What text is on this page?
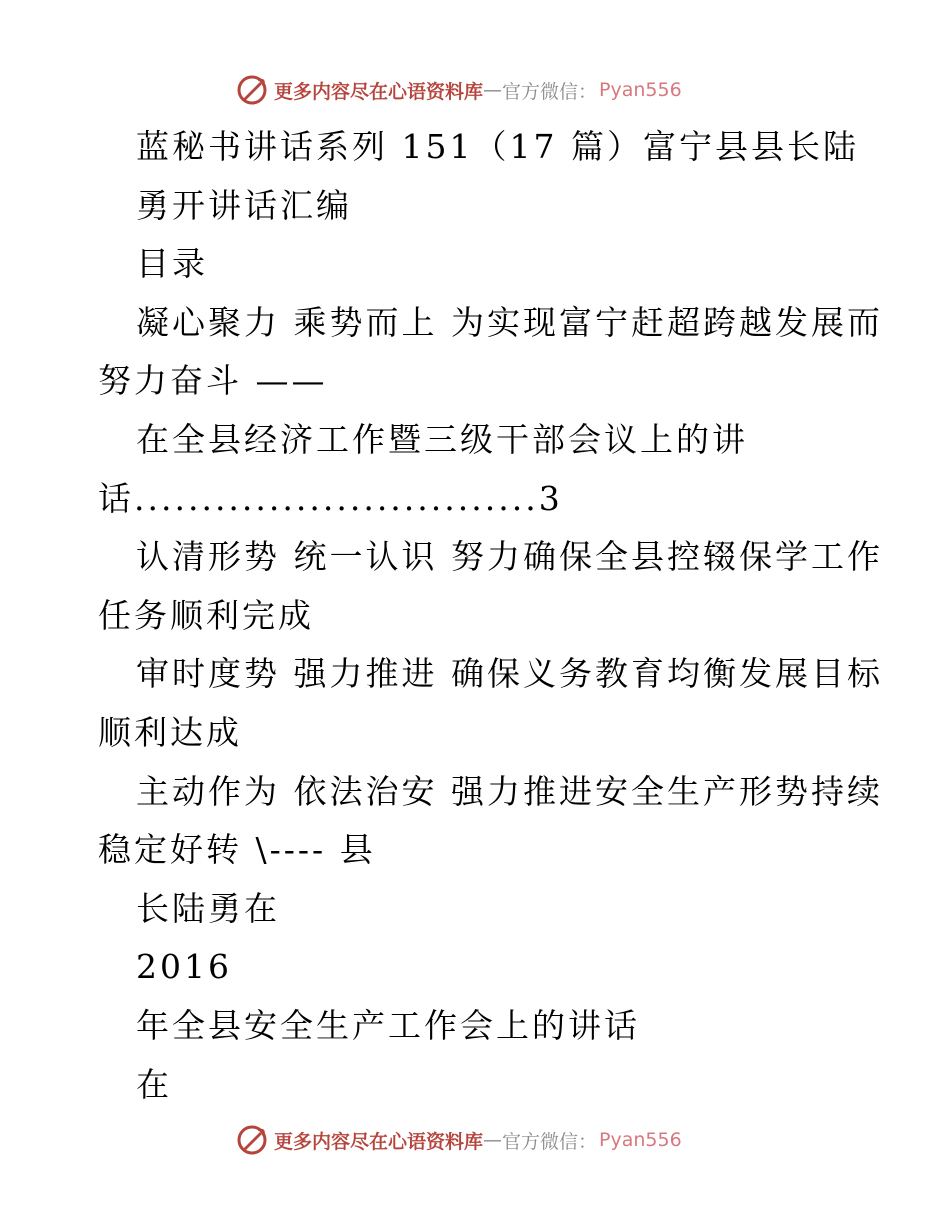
更多内容尽在心语资料库 — 官方微信： Pyan556
蓝秘书讲话系列 151（17 篇）富宁县县长陆
勇开讲话汇编
目录
凝心聚力 乘势而上 为实现富宁赶超跨越发展而
努力奋斗 ——
在全县经济工作暨三级干部会议上的讲
话..............................3
认清形势 统一认识 努力确保全县控辍保学工作
任务顺利完成
审时度势 强力推进 确保义务教育均衡发展目标
顺利达成
主动作为 依法治安 强力推进安全生产形势持续
稳定好转 \---- 县
长陆勇在
2016
年全县安全生产工作会上的讲话
在
更多内容尽在心语资料库 — 官方微信： Pyan556
